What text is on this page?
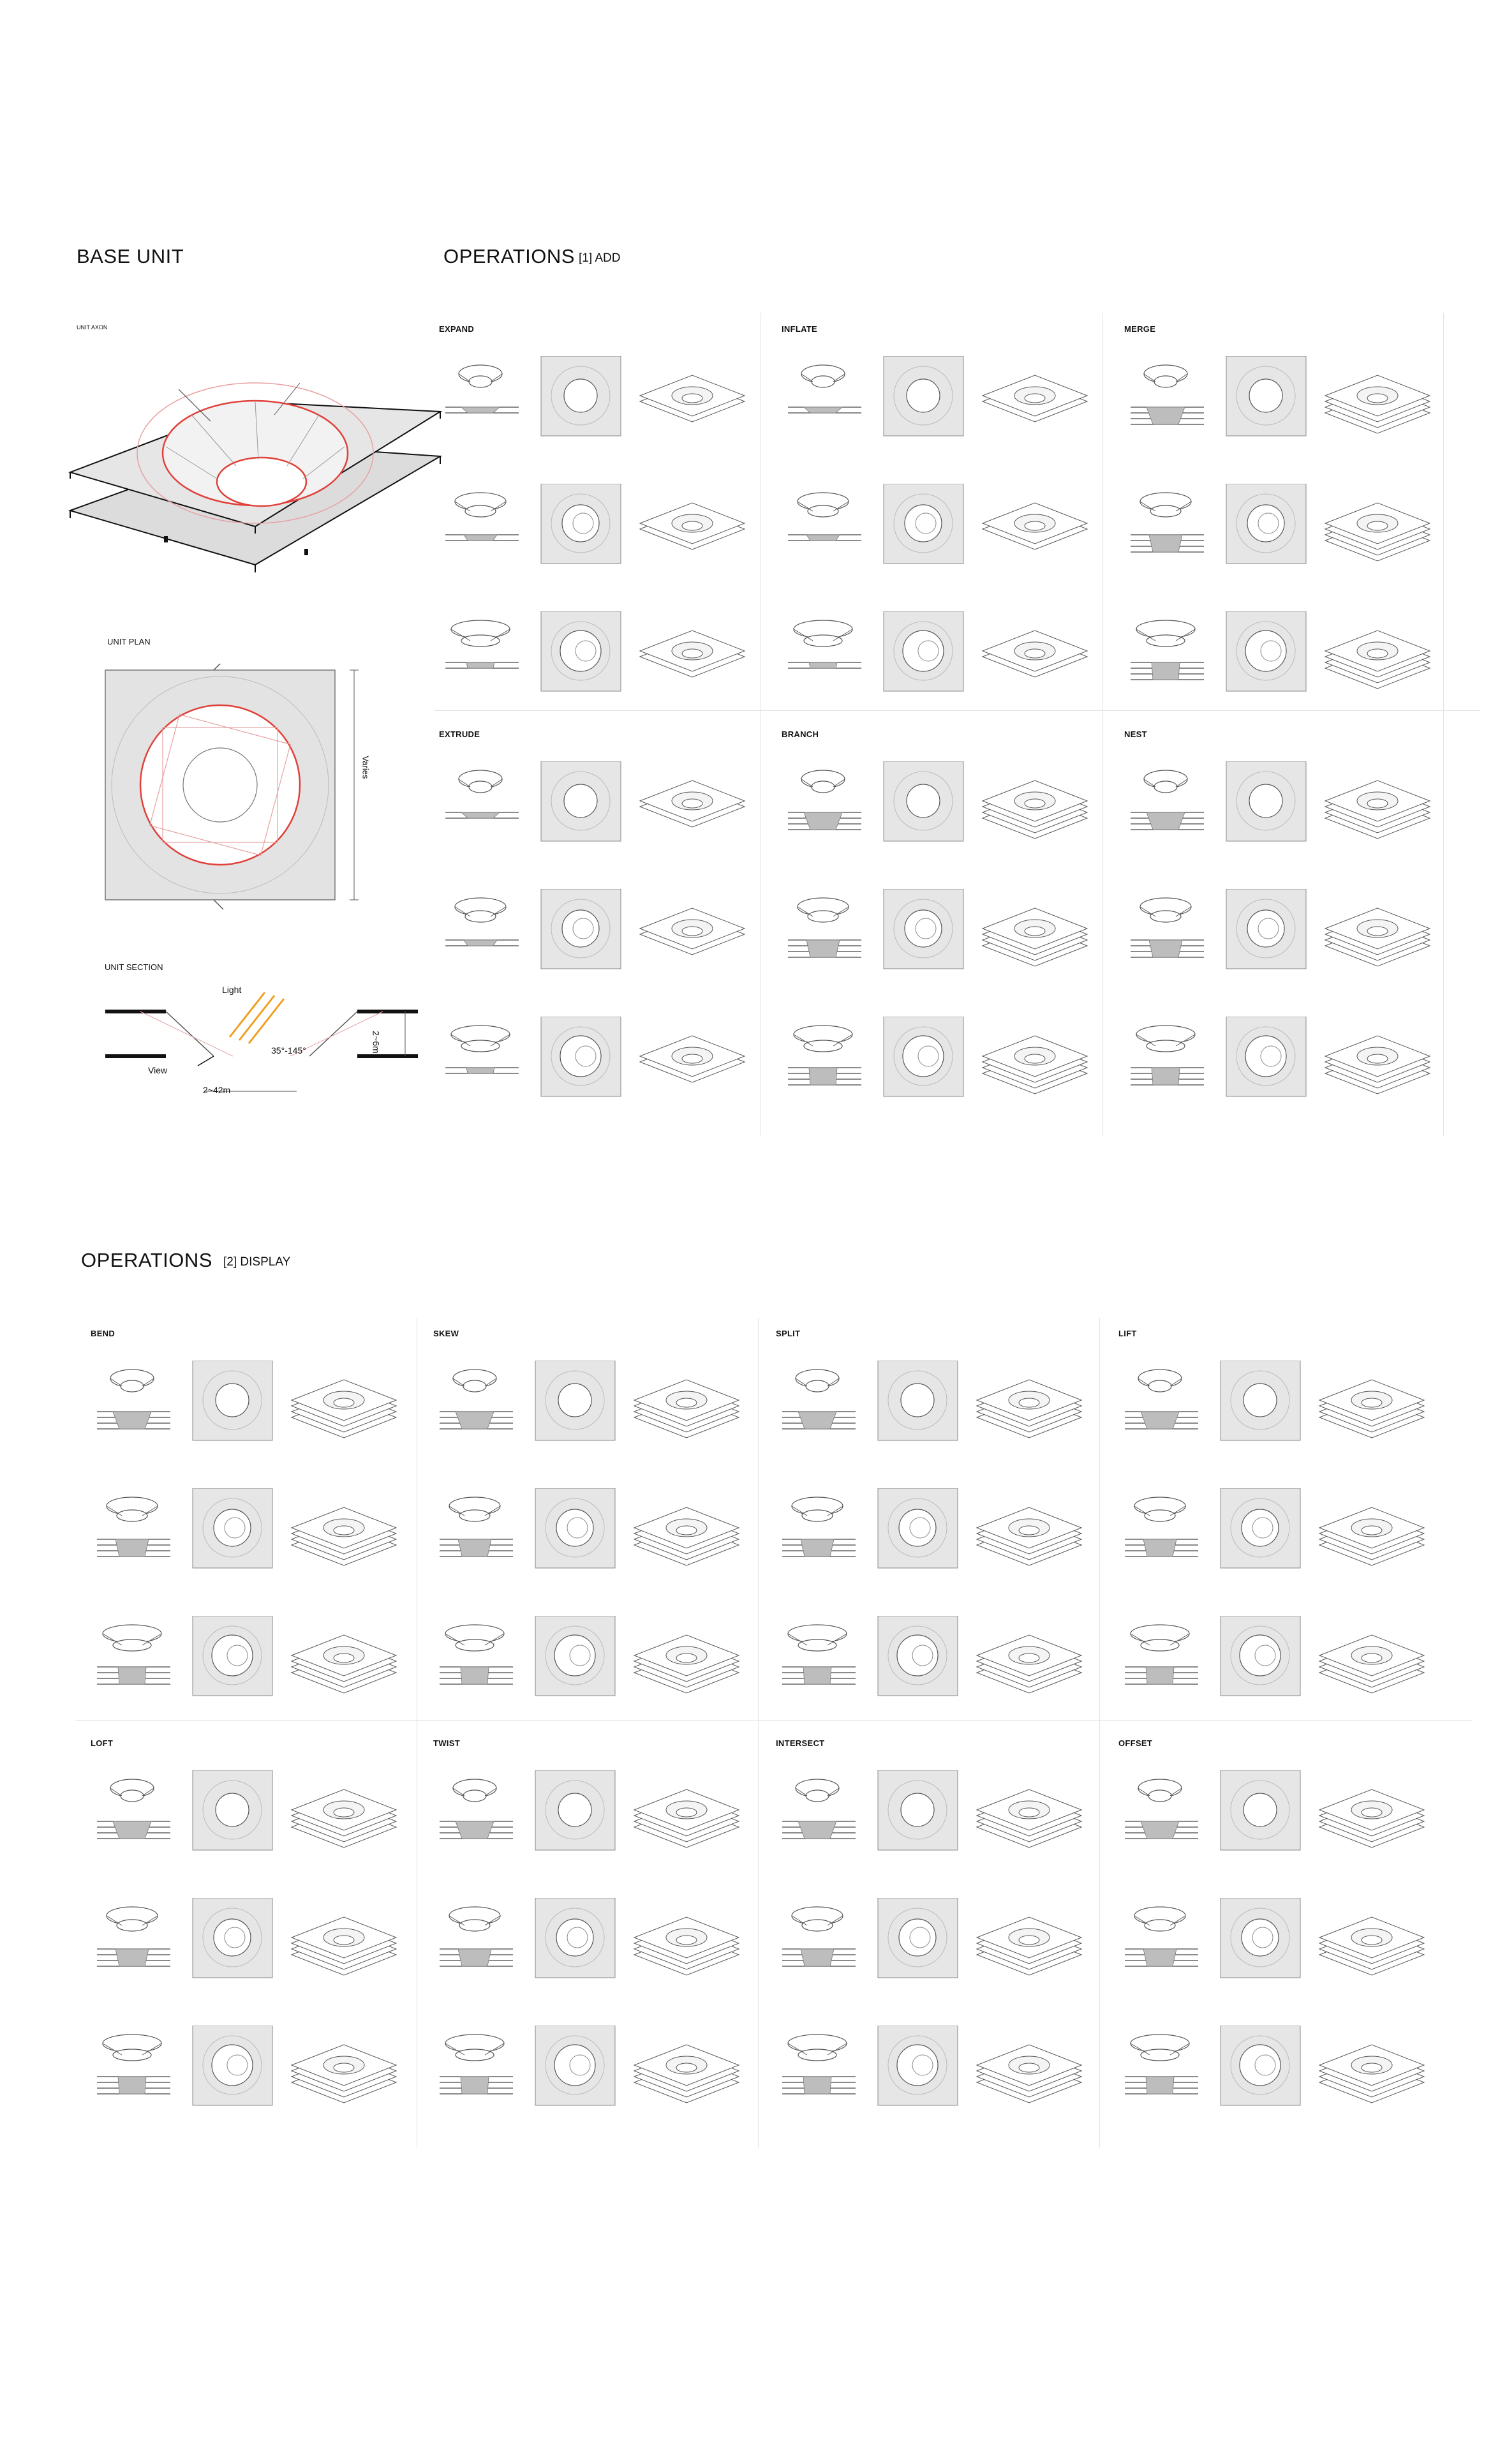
BASE UNIT
UNIT AXON
UNIT PLAN
Varies
UNIT SECTION
Light
View
2~6m
35°-145°
2~42m
OPERATIONS [1] ADD
EXPAND	INFLATE	MERGE
EXTRUDE	BRANCH	NEST
OPERATIONS [2] DISPLAY
BEND	SKEW	SPLIT	LIFT
LOFT	TWIST	INTERSECT	OFFSET
